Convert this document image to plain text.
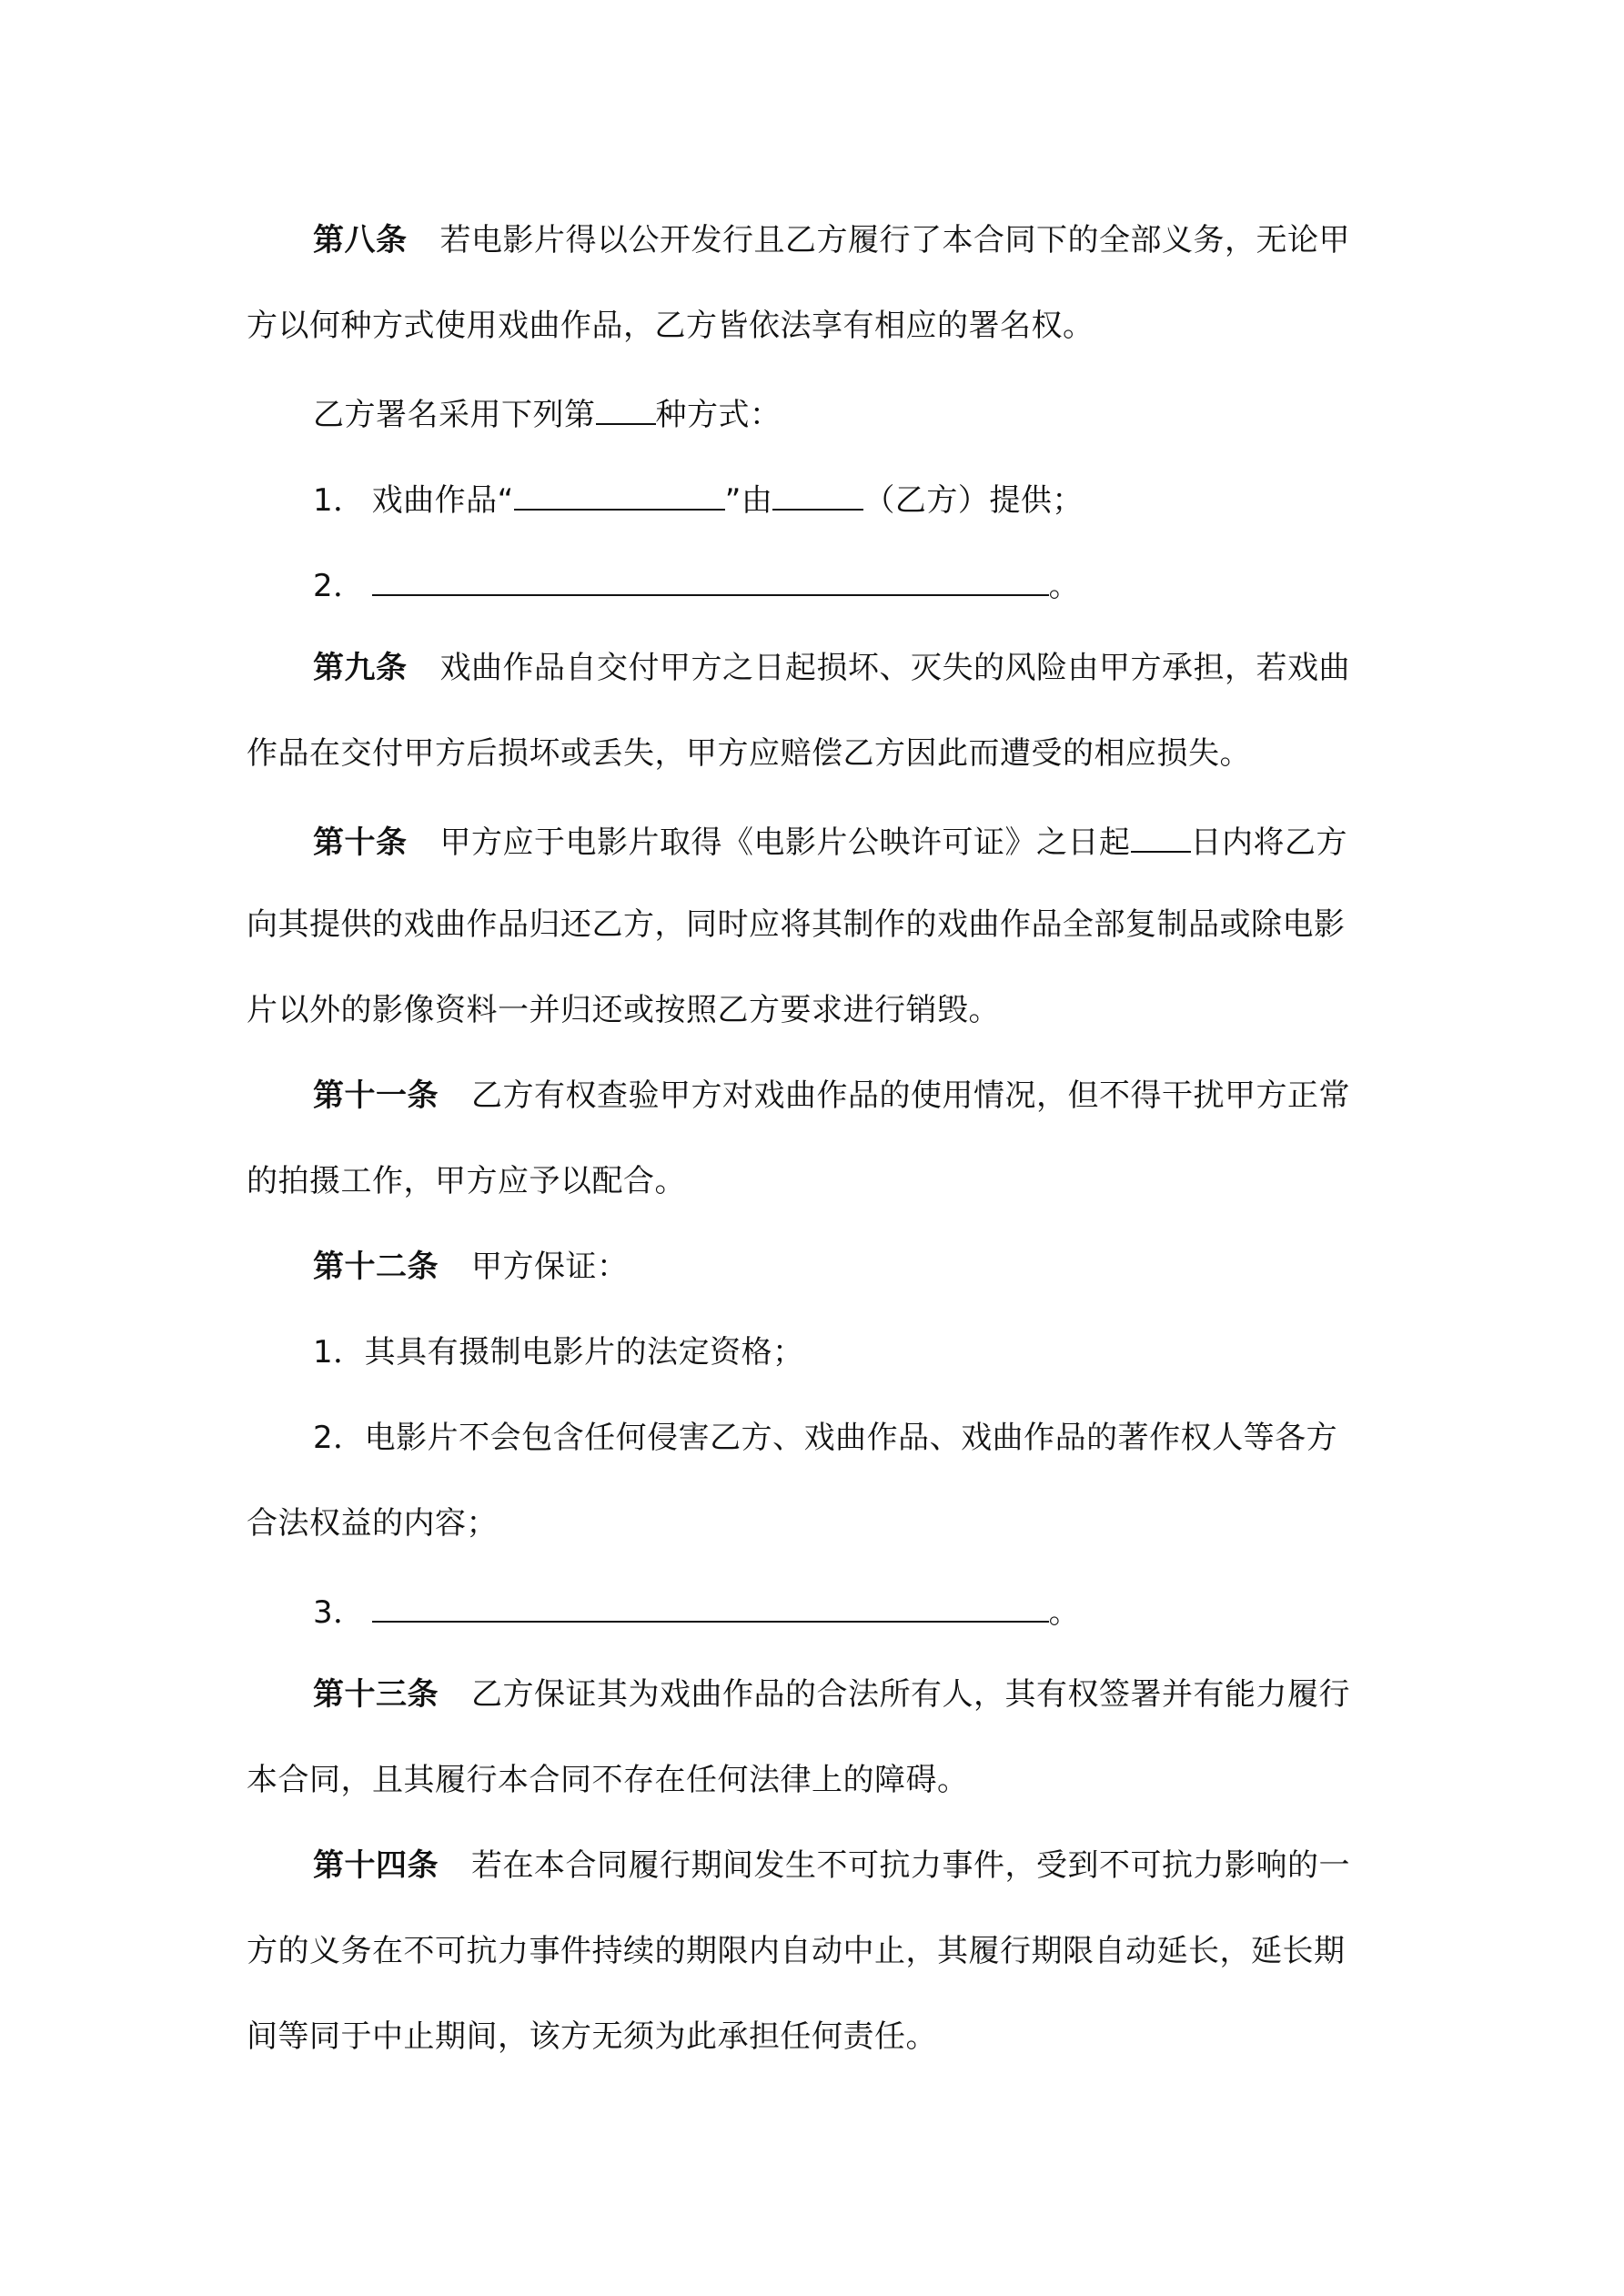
第八条 若电影片得以公开发行且乙方履行了本合同下的全部义务，无论甲
方以何种方式使用戏曲作品，乙方皆依法享有相应的署名权。
乙方署名采用下列第 种方式：
1． 戏曲作品“	”由	（乙方）提供；
2．	。
第九条 戏曲作品自交付甲方之日起损坏、灭失的风险由甲方承担，若戏曲
作品在交付甲方后损坏或丢失，甲方应赔偿乙方因此而遭受的相应损失。
第十条 甲方应于电影片取得《电影片公映许可证》之日起 日内将乙方
向其提供的戏曲作品归还乙方，同时应将其制作的戏曲作品全部复制品或除电影
片以外的影像资料一并归还或按照乙方要求进行销毁。
第十一条 乙方有权查验甲方对戏曲作品的使用情况，但不得干扰甲方正常
的拍摄工作，甲方应予以配合。
第十二条 甲方保证：
1．其具有摄制电影片的法定资格；
2．电影片不会包含任何侵害乙方、戏曲作品、戏曲作品的著作权人等各方
合法权益的内容；
3．	。
第十三条 乙方保证其为戏曲作品的合法所有人，其有权签署并有能力履行
本合同，且其履行本合同不存在任何法律上的障碍。
第十四条 若在本合同履行期间发生不可抗力事件，受到不可抗力影响的一
方的义务在不可抗力事件持续的期限内自动中止，其履行期限自动延长，延长期
间等同于中止期间，该方无须为此承担任何责任。
